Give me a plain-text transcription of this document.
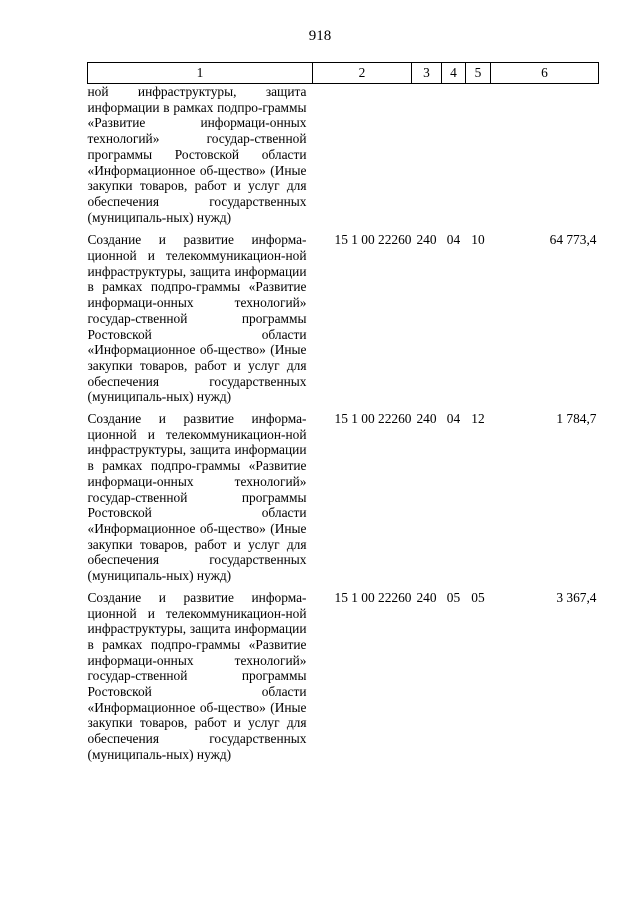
918
1	2	3	4	5	6
ной инфраструктуры, защита информации в рамках подпро-граммы «Развитие информаци-онных технологий» государ-ственной программы Ростовской области «Информационное об-щество» (Иные закупки товаров, работ и услуг для обеспечения государственных (муниципаль-ных) нужд)					
Создание и развитие информа-ционной и телекоммуникацион-ной инфраструктуры, защита информации в рамках подпро-граммы «Развитие информаци-онных технологий» государ-ственной программы Ростовской области «Информационное об-щество» (Иные закупки товаров, работ и услуг для обеспечения государственных (муниципаль-ных) нужд)	15 1 00 22260	240	04	10	64 773,4
Создание и развитие информа-ционной и телекоммуникацион-ной инфраструктуры, защита информации в рамках подпро-граммы «Развитие информаци-онных технологий» государ-ственной программы Ростовской области «Информационное об-щество» (Иные закупки товаров, работ и услуг для обеспечения государственных (муниципаль-ных) нужд)	15 1 00 22260	240	04	12	1 784,7
Создание и развитие информа-ционной и телекоммуникацион-ной инфраструктуры, защита информации в рамках подпро-граммы «Развитие информаци-онных технологий» государ-ственной программы Ростовской области «Информационное об-щество» (Иные закупки товаров, работ и услуг для обеспечения государственных (муниципаль-ных) нужд)	15 1 00 22260	240	05	05	3 367,4
